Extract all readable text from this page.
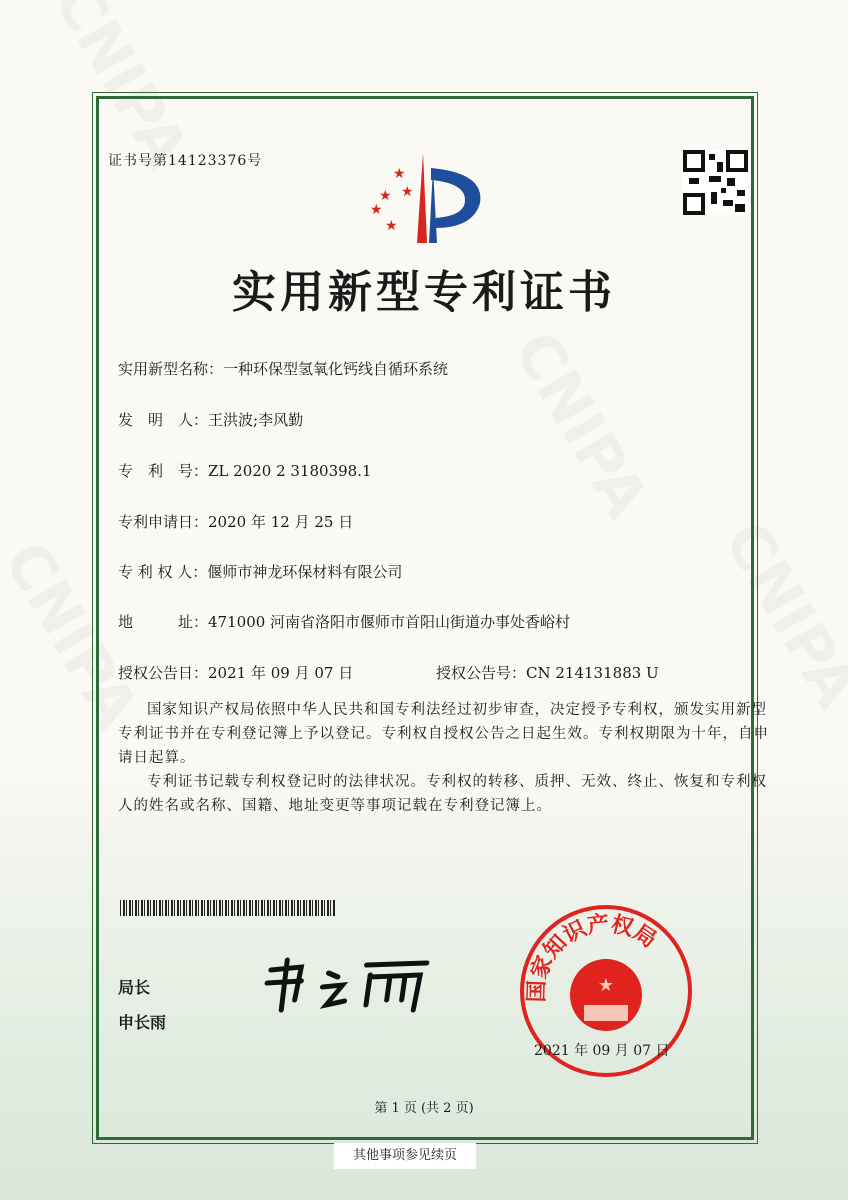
证书号第14123376号
★
★
★
★
★
实用新型专利证书
实用新型名称：一种环保型氢氧化钙线自循环系统
发　明　人：王洪波;李风勤
专　利　号：ZL 2020 2 3180398.1
专利申请日：2020 年 12 月 25 日
专 利 权 人：偃师市神龙环保材料有限公司
地　　　址：471000 河南省洛阳市偃师市首阳山街道办事处香峪村
授权公告日：2021 年 09 月 07 日	授权公告号：CN 214131883 U
国家知识产权局依照中华人民共和国专利法经过初步审查，决定授予专利权，颁发实用新型专利证书并在专利登记簿上予以登记。专利权自授权公告之日起生效。专利权期限为十年，自申请日起算。
专利证书记载专利权登记时的法律状况。专利权的转移、质押、无效、终止、恢复和专利权人的姓名或名称、国籍、地址变更等事项记载在专利登记簿上。
局长
申长雨
国家知识产权局
★
2021 年 09 月 07 日
第 1 页 (共 2 页)
其他事项参见续页
